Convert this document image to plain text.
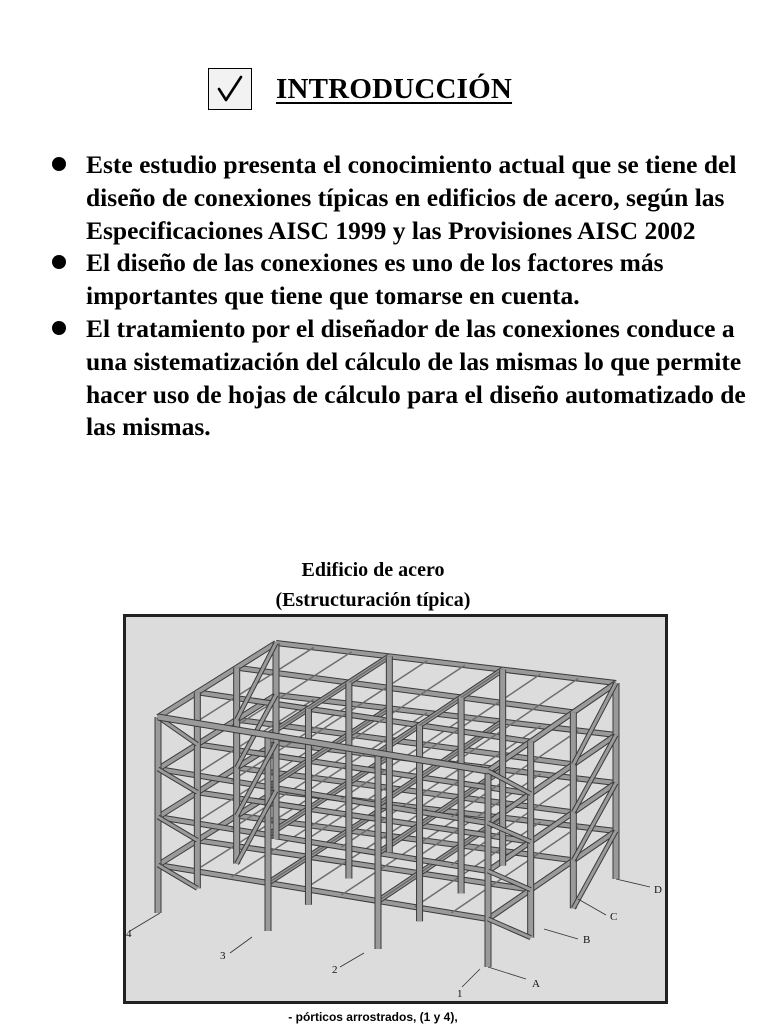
INTRODUCCIÓN
Este estudio presenta el conocimiento actual que se tiene del diseño de conexiones típicas en edificios de acero, según las Especificaciones AISC 1999 y las Provisiones AISC 2002
El diseño de las conexiones es uno de los factores más importantes que tiene que tomarse en cuenta.
El tratamiento por el diseñador de las conexiones conduce a una sistematización del cálculo de las mismas lo que permite hacer uso de hojas de cálculo para el diseño automatizado de las mismas.
Edificio de acero
(Estructuración típica)
4
3
2
1
A
B
C
D
- pórticos arrostrados, (1 y 4),
